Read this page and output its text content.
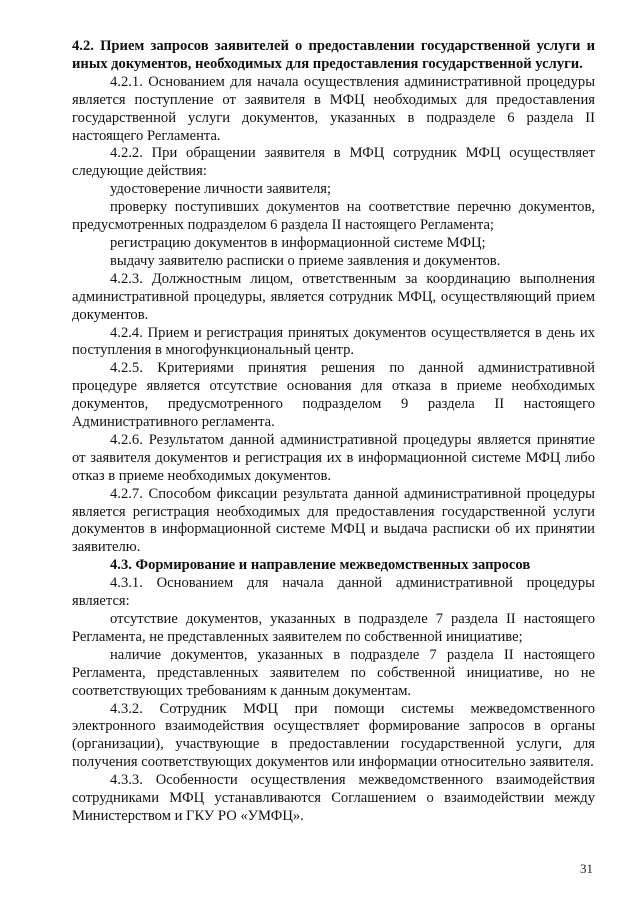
4.2. Прием запросов заявителей о предоставлении государственной услуги и иных документов, необходимых для предоставления государственной услуги.

4.2.1. Основанием для начала осуществления административной процедуры является поступление от заявителя в МФЦ необходимых для предоставления государственной услуги документов, указанных в подразделе 6 раздела II настоящего Регламента.

4.2.2. При обращении заявителя в МФЦ сотрудник МФЦ осуществляет следующие действия:

удостоверение личности заявителя;

проверку поступивших документов на соответствие перечню документов, предусмотренных подразделом 6 раздела II настоящего Регламента;

регистрацию документов в информационной системе МФЦ;

выдачу заявителю расписки о приеме заявления и документов.

4.2.3. Должностным лицом, ответственным за координацию выполнения административной процедуры, является сотрудник МФЦ, осуществляющий прием документов.

4.2.4. Прием и регистрация принятых документов осуществляется в день их поступления в многофункциональный центр.

4.2.5. Критериями принятия решения по данной административной процедуре является отсутствие основания для отказа в приеме необходимых документов, предусмотренного подразделом 9 раздела II настоящего Административного регламента.

4.2.6. Результатом данной административной процедуры является принятие от заявителя документов и регистрация их в информационной системе МФЦ либо отказ в приеме необходимых документов.

4.2.7. Способом фиксации результата данной административной процедуры является регистрация необходимых для предоставления государственной услуги документов в информационной системе МФЦ и выдача расписки об их принятии заявителю.

4.3. Формирование и направление межведомственных запросов

4.3.1. Основанием для начала данной административной процедуры является:

отсутствие документов, указанных в подразделе 7 раздела II настоящего Регламента, не представленных заявителем по собственной инициативе;

наличие документов, указанных в подразделе 7 раздела II настоящего Регламента, представленных заявителем по собственной инициативе, но не соответствующих требованиям к данным документам.

4.3.2. Сотрудник МФЦ при помощи системы межведомственного электронного взаимодействия осуществляет формирование запросов в органы (организации), участвующие в предоставлении государственной услуги, для получения соответствующих документов или информации относительно заявителя.

4.3.3. Особенности осуществления межведомственного взаимодействия сотрудниками МФЦ устанавливаются Соглашением о взаимодействии между Министерством и ГКУ РО «УМФЦ».

31
